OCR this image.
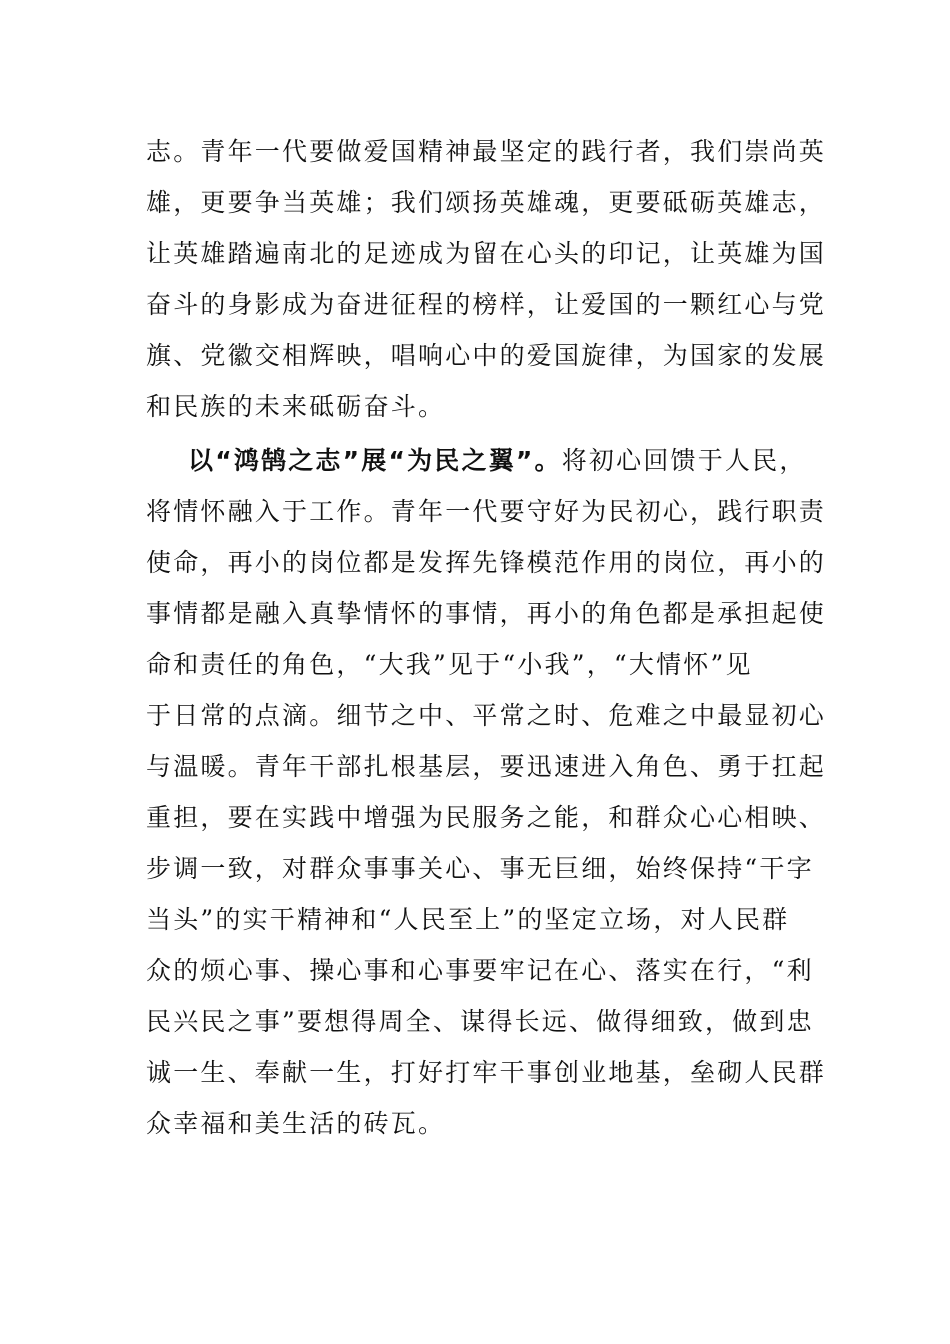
志。青年一代要做爱国精神最坚定的践行者，我们崇尚英
雄，更要争当英雄；我们颂扬英雄魂，更要砥砺英雄志，
让英雄踏遍南北的足迹成为留在心头的印记，让英雄为国
奋斗的身影成为奋进征程的榜样，让爱国的一颗红心与党
旗、党徽交相辉映，唱响心中的爱国旋律，为国家的发展
和民族的未来砥砺奋斗。
以“鸿鹄之志”展“为民之翼”。将初心回馈于人民，
将情怀融入于工作。青年一代要守好为民初心，践行职责
使命，再小的岗位都是发挥先锋模范作用的岗位，再小的
事情都是融入真挚情怀的事情，再小的角色都是承担起使
命和责任的角色，“大我”见于“小我”，“大情怀”见
于日常的点滴。细节之中、平常之时、危难之中最显初心
与温暖。青年干部扎根基层，要迅速进入角色、勇于扛起
重担，要在实践中增强为民服务之能，和群众心心相映、
步调一致，对群众事事关心、事无巨细，始终保持“干字
当头”的实干精神和“人民至上”的坚定立场，对人民群
众的烦心事、操心事和心事要牢记在心、落实在行，“利
民兴民之事”要想得周全、谋得长远、做得细致，做到忠
诚一生、奉献一生，打好打牢干事创业地基，垒砌人民群
众幸福和美生活的砖瓦。
